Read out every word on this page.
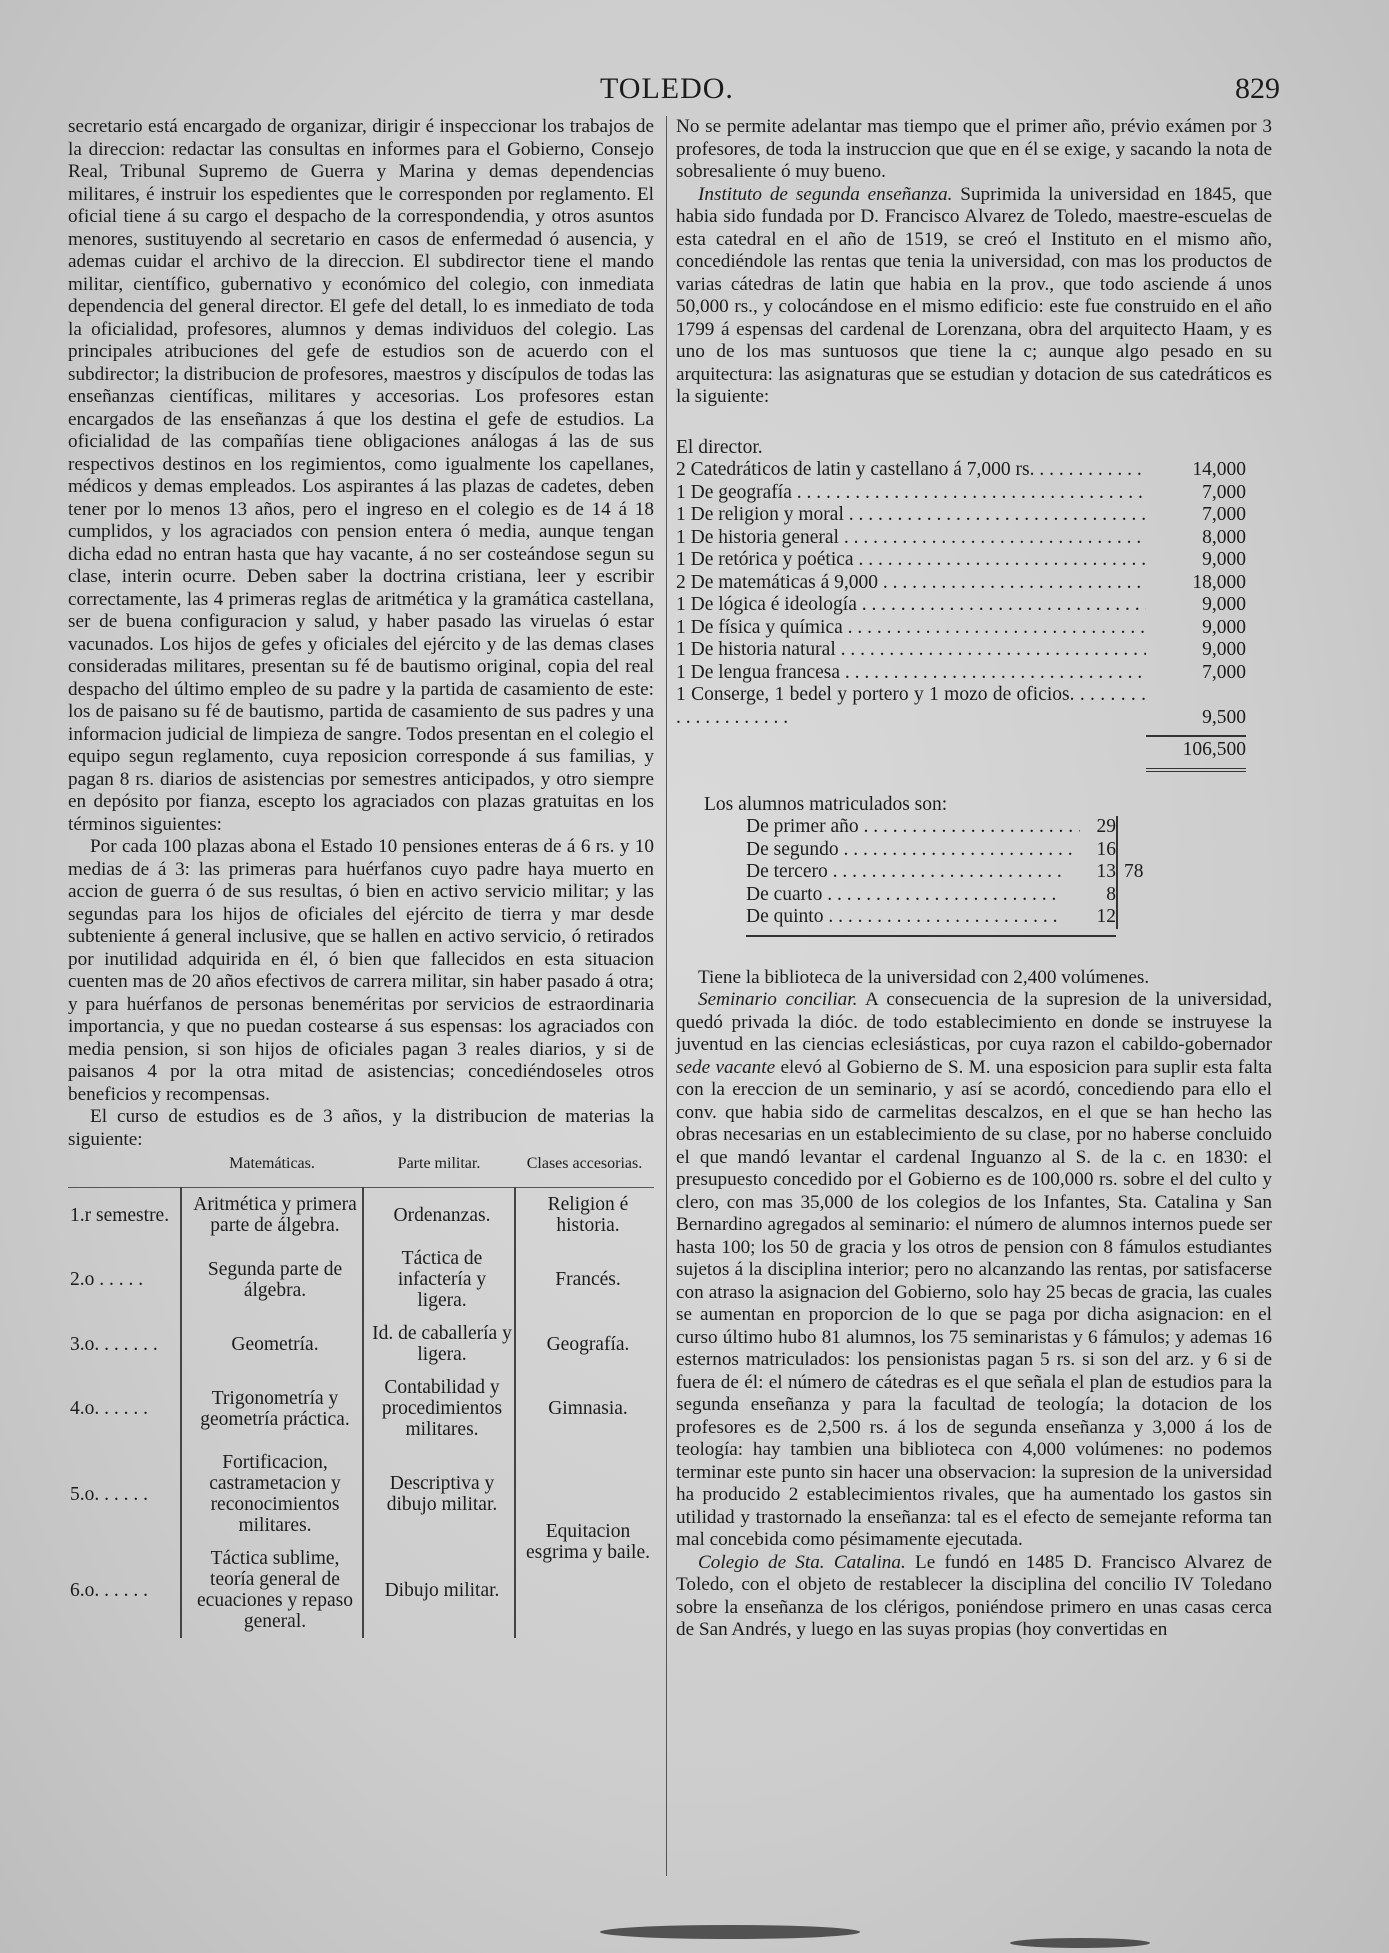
TOLEDO.	829

secretario está encargado de organizar, dirigir é inspeccionar los trabajos de la direccion: redactar las consultas en informes para el Gobierno, Consejo Real, Tribunal Supremo de Guerra y Marina y demas dependencias militares, é instruir los espedientes que le corresponden por reglamento. El oficial tiene á su cargo el despacho de la correspondendia, y otros asuntos menores, sustituyendo al secretario en casos de enfermedad ó ausencia, y ademas cuidar el archivo de la direccion. El subdirector tiene el mando militar, científico, gubernativo y económico del colegio, con inmediata dependencia del general director. El gefe del detall, lo es inmediato de toda la oficialidad, profesores, alumnos y demas individuos del colegio. Las principales atribuciones del gefe de estudios son de acuerdo con el subdirector; la distribucion de profesores, maestros y discípulos de todas las enseñanzas científicas, militares y accesorias. Los profesores estan encargados de las enseñanzas á que los destina el gefe de estudios. La oficialidad de las compañías tiene obligaciones análogas á las de sus respectivos destinos en los regimientos, como igualmente los capellanes, médicos y demas empleados. Los aspirantes á las plazas de cadetes, deben tener por lo menos 13 años, pero el ingreso en el colegio es de 14 á 18 cumplidos, y los agraciados con pension entera ó media, aunque tengan dicha edad no entran hasta que hay vacante, á no ser costeándose segun su clase, interin ocurre. Deben saber la doctrina cristiana, leer y escribir correctamente, las 4 primeras reglas de aritmética y la gramática castellana, ser de buena configuracion y salud, y haber pasado las viruelas ó estar vacunados. Los hijos de gefes y oficiales del ejército y de las demas clases consideradas militares, presentan su fé de bautismo original, copia del real despacho del último empleo de su padre y la partida de casamiento de este: los de paisano su fé de bautismo, partida de casamiento de sus padres y una informacion judicial de limpieza de sangre. Todos presentan en el colegio el equipo segun reglamento, cuya reposicion corresponde á sus familias, y pagan 8 rs. diarios de asistencias por semestres anticipados, y otro siempre en depósito por fianza, escepto los agraciados con plazas gratuitas en los términos siguientes:

Por cada 100 plazas abona el Estado 10 pensiones enteras de á 6 rs. y 10 medias de á 3: las primeras para huérfanos cuyo padre haya muerto en accion de guerra ó de sus resultas, ó bien en activo servicio militar; y las segundas para los hijos de oficiales del ejército de tierra y mar desde subteniente á general inclusive, que se hallen en activo servicio, ó retirados por inutilidad adquirida en él, ó bien que fallecidos en esta situacion cuenten mas de 20 años efectivos de carrera militar, sin haber pasado á otra; y para huérfanos de personas beneméritas por servicios de estraordinaria importancia, y que no puedan costearse á sus espensas: los agraciados con media pension, si son hijos de oficiales pagan 3 reales diarios, y si de paisanos 4 por la otra mitad de asistencias; concediéndoseles otros beneficios y recompensas.

El curso de estudios es de 3 años, y la distribucion de materias la siguiente:

	Matemáticas.	Parte militar.	Clases accesorias.
1.r semestre.	Aritmética y primera parte de álgebra.	Ordenanzas.	Religion é historia.
2.o . . . . .	Segunda parte de álgebra.	Táctica de infactería y ligera.	Francés.
3.o. . . . . . .	Geometría.	Id. de caballería y ligera.	Geografía.
4.o. . . . . .	Trigonometría y geometría práctica.	Contabilidad y procedimientos militares.	Gimnasia.
5.o. . . . . .	Fortificacion, castrametacion y reconocimientos militares.	Descriptiva y dibujo militar.	Equitacion esgrima y baile.
6.o. . . . . .	Táctica sublime, teoría general de ecuaciones y repaso general.	Dibujo militar.	

No se permite adelantar mas tiempo que el primer año, prévio exámen por 3 profesores, de toda la instruccion que que en él se exige, y sacando la nota de sobresaliente ó muy bueno.

Instituto de segunda enseñanza. Suprimida la universidad en 1845, que habia sido fundada por D. Francisco Alvarez de Toledo, maestre-escuelas de esta catedral en el año de 1519, se creó el Instituto en el mismo año, concediéndole las rentas que tenia la universidad, con mas los productos de varias cátedras de latin que habia en la prov., que todo asciende á unos 50,000 rs., y colocándose en el mismo edificio: este fue construido en el año 1799 á espensas del cardenal de Lorenzana, obra del arquitecto Haam, y es uno de los mas suntuosos que tiene la c; aunque algo pesado en su arquitectura: las asignaturas que se estudian y dotacion de sus catedráticos es la siguiente:

El director.
2 Catedráticos de latin y castellano á 7,000 rs. . . .	14,000
1 De geografía . . .	7,000
1 De religion y moral . . .	7,000
1 De historia general . . .	8,000
1 De retórica y poética . . .	9,000
2 De matemáticas á 9,000 . . .	18,000
1 De lógica é ideología . . .	9,000
1 De física y química . . .	9,000
1 De historia natural . . .	9,000
1 De lengua francesa . . .	7,000
1 Conserge, 1 bedel y portero y 1 mozo de oficios. . . . . . . . . . . . . . . . . . . .	9,500
106,500
Los alumnos matriculados son:
De primer año . . .	29
De segundo . . .	16
De tercero . . .	13
De cuarto . . .	8
De quinto . . .	12
78

Tiene la biblioteca de la universidad con 2,400 volúmenes.

Seminario conciliar. A consecuencia de la supresion de la universidad, quedó privada la dióc. de todo establecimiento en donde se instruyese la juventud en las ciencias eclesiásticas, por cuya razon el cabildo-gobernador sede vacante elevó al Gobierno de S. M. una esposicion para suplir esta falta con la ereccion de un seminario, y así se acordó, concediendo para ello el conv. que habia sido de carmelitas descalzos, en el que se han hecho las obras necesarias en un establecimiento de su clase, por no haberse concluido el que mandó levantar el cardenal Inguanzo al S. de la c. en 1830: el presupuesto concedido por el Gobierno es de 100,000 rs. sobre el del culto y clero, con mas 35,000 de los colegios de los Infantes, Sta. Catalina y San Bernardino agregados al seminario: el número de alumnos internos puede ser hasta 100; los 50 de gracia y los otros de pension con 8 fámulos estudiantes sujetos á la disciplina interior; pero no alcanzando las rentas, por satisfacerse con atraso la asignacion del Gobierno, solo hay 25 becas de gracia, las cuales se aumentan en proporcion de lo que se paga por dicha asignacion: en el curso último hubo 81 alumnos, los 75 seminaristas y 6 fámulos; y ademas 16 esternos matriculados: los pensionistas pagan 5 rs. si son del arz. y 6 si de fuera de él: el número de cátedras es el que señala el plan de estudios para la segunda enseñanza y para la facultad de teología; la dotacion de los profesores es de 2,500 rs. á los de segunda enseñanza y 3,000 á los de teología: hay tambien una biblioteca con 4,000 volúmenes: no podemos terminar este punto sin hacer una observacion: la supresion de la universidad ha producido 2 establecimientos rivales, que ha aumentado los gastos sin utilidad y trastornado la enseñanza: tal es el efecto de semejante reforma tan mal concebida como pésimamente ejecutada.

Colegio de Sta. Catalina. Le fundó en 1485 D. Francisco Alvarez de Toledo, con el objeto de restablecer la disciplina del concilio IV Toledano sobre la enseñanza de los clérigos, poniéndose primero en unas casas cerca de San Andrés, y luego en las suyas propias (hoy convertidas en
